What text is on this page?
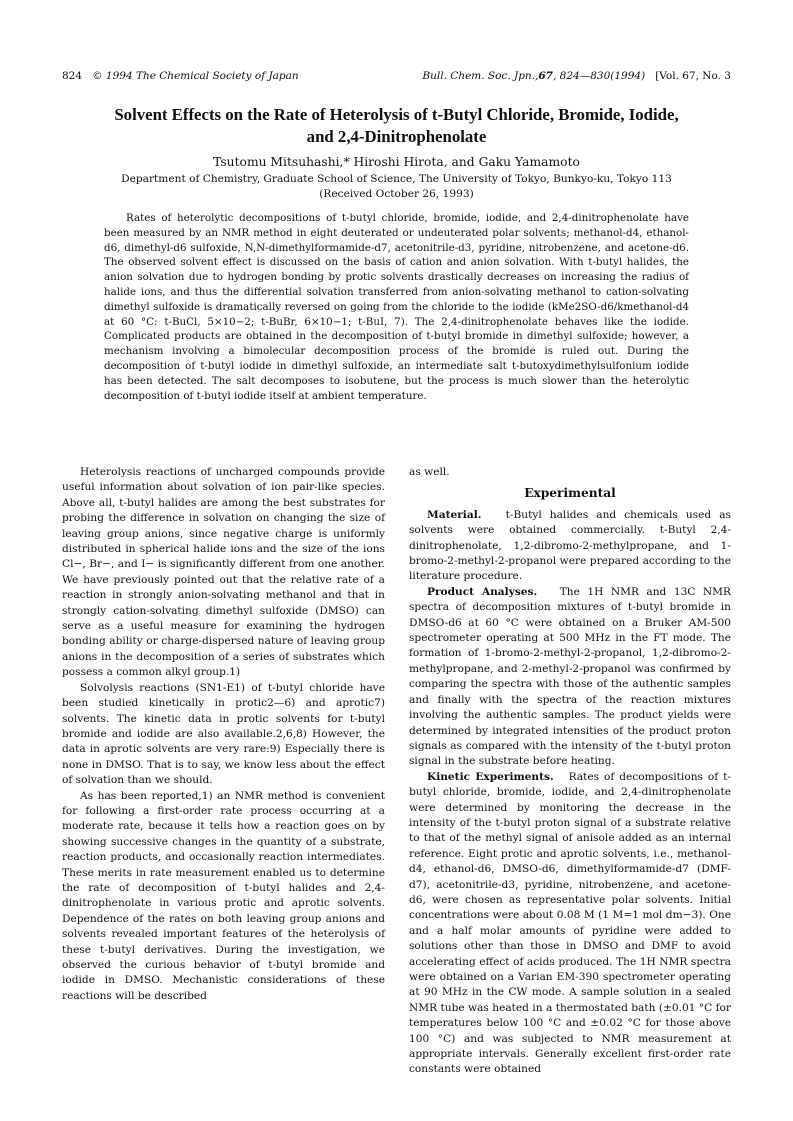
824 © 1994 The Chemical Society of Japan	Bull. Chem. Soc. Jpn.,67, 824—830(1994) [Vol. 67, No. 3
Solvent Effects on the Rate of Heterolysis of t-Butyl Chloride, Bromide, Iodide,
and 2,4-Dinitrophenolate
Tsutomu Mitsuhashi,* Hiroshi Hirota, and Gaku Yamamoto
Department of Chemistry, Graduate School of Science, The University of Tokyo, Bunkyo-ku, Tokyo 113
(Received October 26, 1993)

Rates of heterolytic decompositions of t-butyl chloride, bromide, iodide, and 2,4-dinitrophenolate have been measured by an NMR method in eight deuterated or undeuterated polar solvents; methanol-d4, ethanol-d6, dimethyl-d6 sulfoxide, N,N-dimethylformamide-d7, acetonitrile-d3, pyridine, nitrobenzene, and acetone-d6. The observed solvent effect is discussed on the basis of cation and anion solvation. With t-butyl halides, the anion solvation due to hydrogen bonding by protic solvents drastically decreases on increasing the radius of halide ions, and thus the differential solvation transferred from anion-solvating methanol to cation-solvating dimethyl sulfoxide is dramatically reversed on going from the chloride to the iodide (kMe2SO-d6/kmethanol-d4 at 60 °C: t-BuCl, 5×10−2; t-BuBr, 6×10−1; t-BuI, 7). The 2,4-dinitrophenolate behaves like the iodide. Complicated products are obtained in the decomposition of t-butyl bromide in dimethyl sulfoxide; however, a mechanism involving a bimolecular decomposition process of the bromide is ruled out. During the decomposition of t-butyl iodide in dimethyl sulfoxide, an intermediate salt t-butoxydimethylsulfonium iodide has been detected. The salt decomposes to isobutene, but the process is much slower than the heterolytic decomposition of t-butyl iodide itself at ambient temperature.

Heterolysis reactions of uncharged compounds provide useful information about solvation of ion pair-like species. Above all, t-butyl halides are among the best substrates for probing the difference in solvation on changing the size of leaving group anions, since negative charge is uniformly distributed in spherical halide ions and the size of the ions Cl−, Br−, and I− is significantly different from one another. We have previously pointed out that the relative rate of a reaction in strongly anion-solvating methanol and that in strongly cation-solvating dimethyl sulfoxide (DMSO) can serve as a useful measure for examining the hydrogen bonding ability or charge-dispersed nature of leaving group anions in the decomposition of a series of substrates which possess a common alkyl group.1)

Solvolysis reactions (SN1-E1) of t-butyl chloride have been studied kinetically in protic2—6) and aprotic7) solvents. The kinetic data in protic solvents for t-butyl bromide and iodide are also available.2,6,8) However, the data in aprotic solvents are very rare:9) Especially there is none in DMSO. That is to say, we know less about the effect of solvation than we should.

As has been reported,1) an NMR method is convenient for following a first-order rate process occurring at a moderate rate, because it tells how a reaction goes on by showing successive changes in the quantity of a substrate, reaction products, and occasionally reaction intermediates. These merits in rate measurement enabled us to determine the rate of decomposition of t-butyl halides and 2,4-dinitrophenolate in various protic and aprotic solvents. Dependence of the rates on both leaving group anions and solvents revealed important features of the heterolysis of these t-butyl derivatives. During the investigation, we observed the curious behavior of t-butyl bromide and iodide in DMSO. Mechanistic considerations of these reactions will be described

as well.

Experimental

Material. t-Butyl halides and chemicals used as solvents were obtained commercially. t-Butyl 2,4-dinitrophenolate, 1,2-dibromo-2-methylpropane, and 1-bromo-2-methyl-2-propanol were prepared according to the literature procedure.

Product Analyses. The 1H NMR and 13C NMR spectra of decomposition mixtures of t-butyl bromide in DMSO-d6 at 60 °C were obtained on a Bruker AM-500 spectrometer operating at 500 MHz in the FT mode. The formation of 1-bromo-2-methyl-2-propanol, 1,2-dibromo-2-methylpropane, and 2-methyl-2-propanol was confirmed by comparing the spectra with those of the authentic samples and finally with the spectra of the reaction mixtures involving the authentic samples. The product yields were determined by integrated intensities of the product proton signals as compared with the intensity of the t-butyl proton signal in the substrate before heating.

Kinetic Experiments. Rates of decompositions of t-butyl chloride, bromide, iodide, and 2,4-dinitrophenolate were determined by monitoring the decrease in the intensity of the t-butyl proton signal of a substrate relative to that of the methyl signal of anisole added as an internal reference. Eight protic and aprotic solvents, i.e., methanol-d4, ethanol-d6, DMSO-d6, dimethylformamide-d7 (DMF-d7), acetonitrile-d3, pyridine, nitrobenzene, and acetone-d6, were chosen as representative polar solvents. Initial concentrations were about 0.08 M (1 M=1 mol dm−3). One and a half molar amounts of pyridine were added to solutions other than those in DMSO and DMF to avoid accelerating effect of acids produced. The 1H NMR spectra were obtained on a Varian EM-390 spectrometer operating at 90 MHz in the CW mode. A sample solution in a sealed NMR tube was heated in a thermostated bath (±0.01 °C for temperatures below 100 °C and ±0.02 °C for those above 100 °C) and was subjected to NMR measurement at appropriate intervals. Generally excellent first-order rate constants were obtained
